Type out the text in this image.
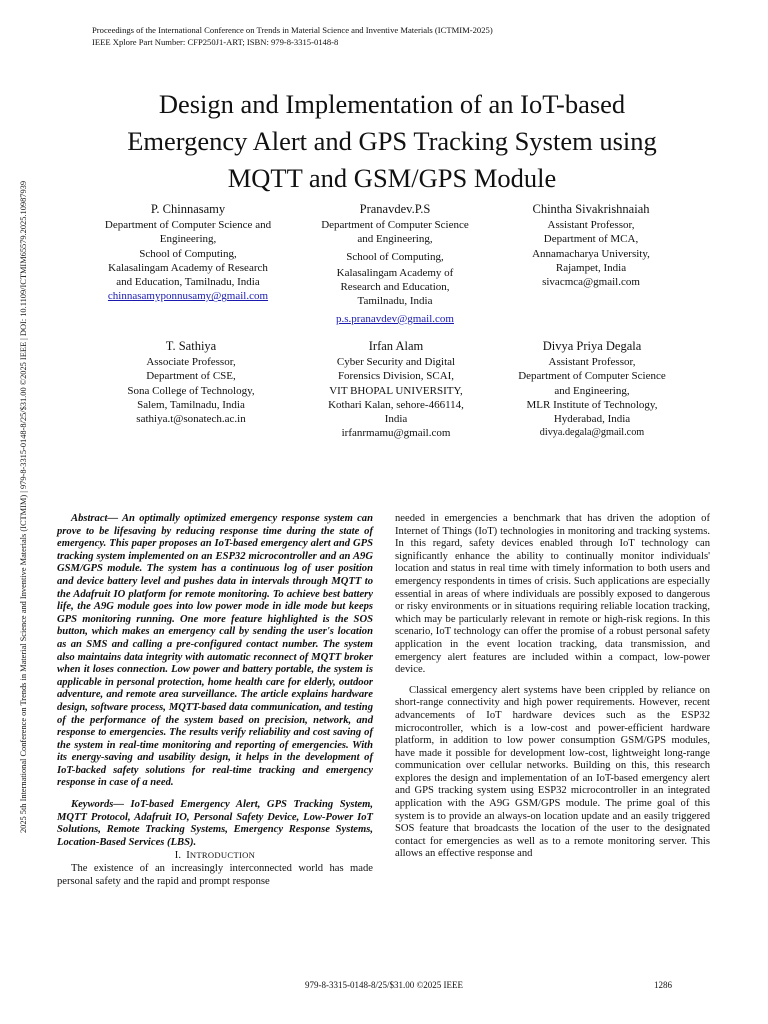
Proceedings of the International Conference on Trends in Material Science and Inventive Materials (ICTMIM-2025)
IEEE Xplore Part Number: CFP250J1-ART; ISBN: 979-8-3315-0148-8
Design and Implementation of an IoT-based
Emergency Alert and GPS Tracking System using
MQTT and GSM/GPS Module
P. Chinnasamy
Department of Computer Science and
Engineering,
School of Computing,
Kalasalingam Academy of Research
and Education, Tamilnadu, India
chinnasamyponnusamy@gmail.com
Pranavdev.P.S
Department of Computer Science
and Engineering,
School of Computing,
Kalasalingam Academy of
Research and Education,
Tamilnadu, India
p.s.pranavdev@gmail.com
Chintha Sivakrishnaiah
Assistant Professor,
Department of MCA,
Annamacharya University,
Rajampet, India
sivacmca@gmail.com
T. Sathiya
Associate Professor,
Department of CSE,
Sona College of Technology,
Salem, Tamilnadu, India
sathiya.t@sonatech.ac.in
Irfan Alam
Cyber Security and Digital
Forensics Division, SCAI,
VIT BHOPAL UNIVERSITY,
Kothari Kalan, sehore-466114,
India
irfanrmamu@gmail.com
Divya Priya Degala
Assistant Professor,
Department of Computer Science
and Engineering,
MLR Institute of Technology,
Hyderabad, India
divya.degala@gmail.com
2025 5th International Conference on Trends in Material Science and Inventive Materials (ICTMIM) | 979-8-3315-0148-8/25/$31.00 ©2025 IEEE | DOI: 10.1109/ICTMIM65579.2025.10987939	Abstract— An optimally optimized emergency response system can prove to be lifesaving by reducing response time during the state of emergency. This paper proposes an IoT-based emergency alert and GPS tracking system implemented on an ESP32 microcontroller and an A9G GSM/GPS module. The system has a continuous log of user position and device battery level and pushes data in intervals through MQTT to the Adafruit IO platform for remote monitoring. To achieve best battery life, the A9G module goes into low power mode in idle mode but keeps GPS monitoring running. One more feature highlighted is the SOS button, which makes an emergency call by sending the user's location as an SMS and calling a pre-configured contact number. The system also maintains data integrity with automatic reconnect of MQTT broker when it loses connection. Low power and battery portable, the system is applicable in personal protection, home health care for elderly, outdoor adventure, and remote area surveillance. The article explains hardware design, software process, MQTT-based data communication, and testing of the performance of the system based on precision, network, and response to emergencies. The results verify reliability and cost saving of the system in real-time monitoring and reporting of emergencies. With its energy-saving and usability design, it helps in the development of IoT-backed safety solutions for real-time tracking and emergency response in case of a need.

Keywords— IoT-based Emergency Alert, GPS Tracking System, MQTT Protocol, Adafruit IO, Personal Safety Device, Low-Power IoT Solutions, Remote Tracking Systems, Emergency Response Systems, Location-Based Services (LBS).

I. INTRODUCTION

The existence of an increasingly interconnected world has made personal safety and the rapid and prompt response

needed in emergencies a benchmark that has driven the adoption of Internet of Things (IoT) technologies in monitoring and tracking systems. In this regard, safety devices enabled through IoT technology can significantly enhance the ability to continually monitor individuals' location and status in real time with timely information to both users and emergency respondents in times of crisis. Such applications are especially essential in areas of where individuals are possibly exposed to dangerous or risky environments or in situations requiring reliable location tracking, which may be particularly relevant in remote or high-risk regions. In this scenario, IoT technology can offer the promise of a robust personal safety application in the event location tracking, data transmission, and emergency alert features are included within a compact, low-power device.

Classical emergency alert systems have been crippled by reliance on short-range connectivity and high power requirements. However, recent advancements of IoT hardware devices such as the ESP32 microcontroller, which is a low-cost and power-efficient hardware platform, in addition to low power consumption GSM/GPS modules, have made it possible for development low-cost, lightweight long-range communication over cellular networks. Building on this, this research explores the design and implementation of an IoT-based emergency alert and GPS tracking system using ESP32 microcontroller in an integrated application with the A9G GSM/GPS module. The prime goal of this system is to provide an always-on location update and an easily triggered SOS feature that broadcasts the location of the user to the designated contact for emergencies as well as to a remote monitoring server. This allows an effective response and

979-8-3315-0148-8/25/$31.00 ©2025 IEEE	1286
